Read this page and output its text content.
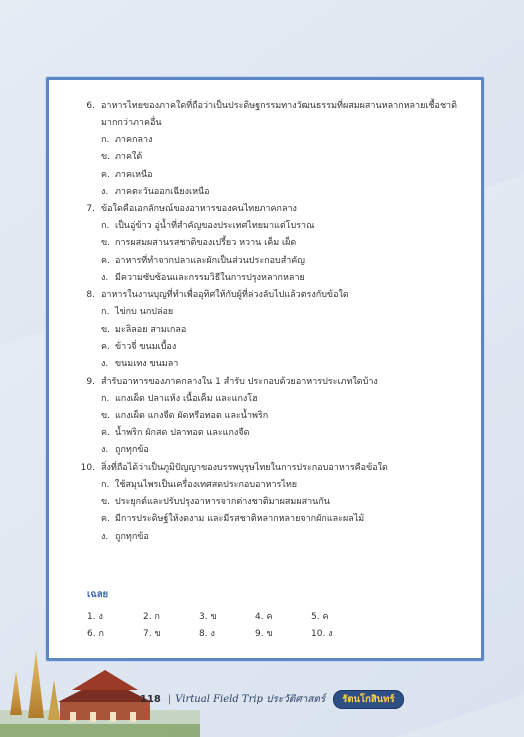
6. อาหารไทยของภาคใดที่ถือว่าเป็นประดิษฐกรรมทางวัฒนธรรมที่ผสมผสานหลากหลายเชื้อชาติ
มากกว่าภาคอื่น
ก. ภาคกลาง
ข. ภาคใต้
ค. ภาคเหนือ
ง. ภาคตะวันออกเฉียงเหนือ
7. ข้อใดคือเอกลักษณ์ของอาหารของคนไทยภาคกลาง
ก. เป็นอู่ข้าว อู่น้ำที่สำคัญของประเทศไทยมาแต่โบราณ
ข. การผสมผสานรสชาติของเปรี้ยว หวาน เค็ม เผ็ด
ค. อาหารที่ทำจากปลาและผักเป็นส่วนประกอบสำคัญ
ง. มีความซับซ้อนและกรรมวิธีในการปรุงหลากหลาย
8. อาหารในงานบุญที่ทำเพื่ออุทิศให้กับผู้ที่ล่วงลับไปแล้วตรงกับข้อใด
ก. ไข่กบ นกปล่อย
ข. มะลิลอย สามเกลอ
ค. ข้าวจี่ ขนมเบื้อง
ง. ขนมเทง ขนมลา
9. สำรับอาหารของภาคกลางใน 1 สำรับ ประกอบด้วยอาหารประเภทใดบ้าง
ก. แกงเผ็ด ปลาแห้ง เนื้อเค็ม และแกงโฮ
ข. แกงเผ็ด แกงจืด ผัดหรือทอด และน้ำพริก
ค. น้ำพริก ผักสด ปลาทอด และแกงจืด
ง. ถูกทุกข้อ
10. สิ่งที่ถือได้ว่าเป็นภูมิปัญญาของบรรพบุรุษไทยในการประกอบอาหารคือข้อใด
ก. ใช้สมุนไพรเป็นเครื่องเทศสดประกอบอาหารไทย
ข. ประยุกต์และปรับปรุงอาหารจากต่างชาติมาผสมผสานกัน
ค. มีการประดิษฐ์ให้งดงาม และมีรสชาติหลากหลายจากผักและผลไม้
ง. ถูกทุกข้อ
เฉลย
1. ง	2. ก	3. ข	4. ค	5. ค
6. ก	7. ข	8. ง	9. ข	10. ง
118 | Virtual Field Trip ประวัติศาสตร์	รัตนโกสินทร์
